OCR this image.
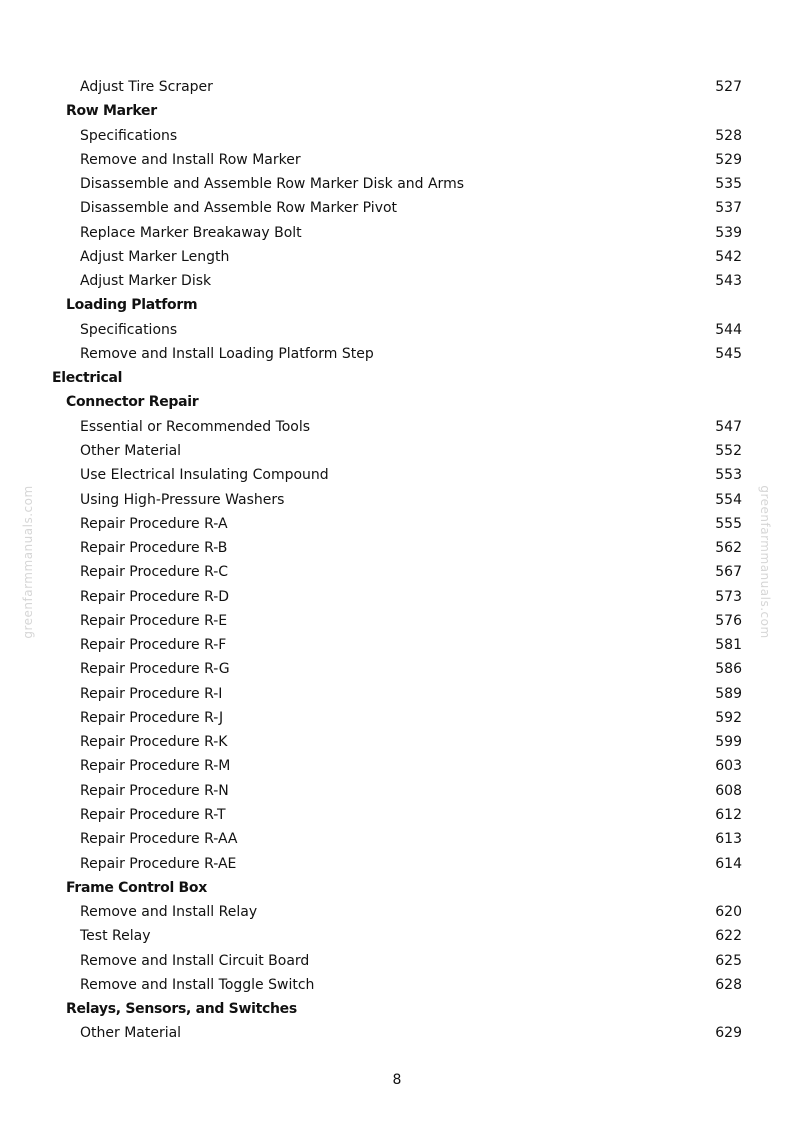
greenfarmmanuals.com	greenfarmmanuals.com
Adjust Tire Scraper	527
Row Marker
Specifications	528
Remove and Install Row Marker	529
Disassemble and Assemble Row Marker Disk and Arms	535
Disassemble and Assemble Row Marker Pivot	537
Replace Marker Breakaway Bolt	539
Adjust Marker Length	542
Adjust Marker Disk	543
Loading Platform
Specifications	544
Remove and Install Loading Platform Step	545
Electrical
Connector Repair
Essential or Recommended Tools	547
Other Material	552
Use Electrical Insulating Compound	553
Using High-Pressure Washers	554
Repair Procedure R-A	555
Repair Procedure R-B	562
Repair Procedure R-C	567
Repair Procedure R-D	573
Repair Procedure R-E	576
Repair Procedure R-F	581
Repair Procedure R-G	586
Repair Procedure R-I	589
Repair Procedure R-J	592
Repair Procedure R-K	599
Repair Procedure R-M	603
Repair Procedure R-N	608
Repair Procedure R-T	612
Repair Procedure R-AA	613
Repair Procedure R-AE	614
Frame Control Box
Remove and Install Relay	620
Test Relay	622
Remove and Install Circuit Board	625
Remove and Install Toggle Switch	628
Relays, Sensors, and Switches
Other Material	629
8
